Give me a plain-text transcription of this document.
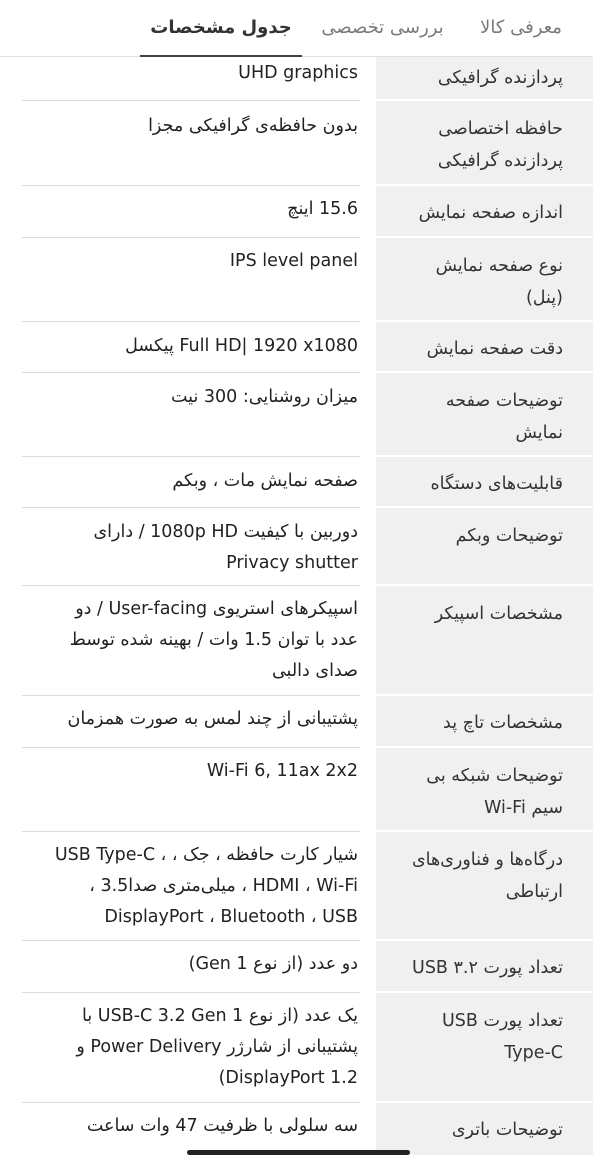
معرفی کالا
بررسی تخصصی
جدول مشخصات
پردازنده گرافیکی
UHD graphics
حافظه اختصاصی پردازنده گرافیکی
بدون حافظه‌ی گرافیکی مجزا
اندازه صفحه نمایش
15.6 اینچ
نوع صفحه نمایش (پنل)
IPS level panel
دقت صفحه نمایش
Full HD| 1920 x1080 پیکسل
توضیحات صفحه نمایش
میزان روشنایی: 300 نیت
قابلیت‌های دستگاه
صفحه نمایش مات ، وبکم
توضیحات وبکم
دوربین با کیفیت 1080p HD / دارای Privacy shutter
مشخصات اسپیکر
اسپیکرهای استریوی User-facing / دو عدد با توان 1.5 وات / بهینه شده توسط صدای دالبی
مشخصات تاچ پد
پشتیبانی از چند لمس به صورت همزمان
توضیحات شبکه بی سیم Wi-Fi
Wi-Fi 6, 11ax 2x2
درگاه‌ها و فناوری‌های ارتباطی
شیار کارت حافظه ، جک ، USB Type-C ، HDMI ، Wi-Fi ، میلی‌متری صدا3.5 ، DisplayPort ، Bluetooth ، USB
تعداد پورت USB ۳.۲
دو عدد (از نوع Gen 1)
تعداد پورت USB Type-C
یک عدد (از نوع USB-C 3.2 Gen 1 با پشتیبانی از شارژر Power Delivery و DisplayPort 1.2)
توضیحات باتری
سه سلولی با ظرفیت 47 وات ساعت
